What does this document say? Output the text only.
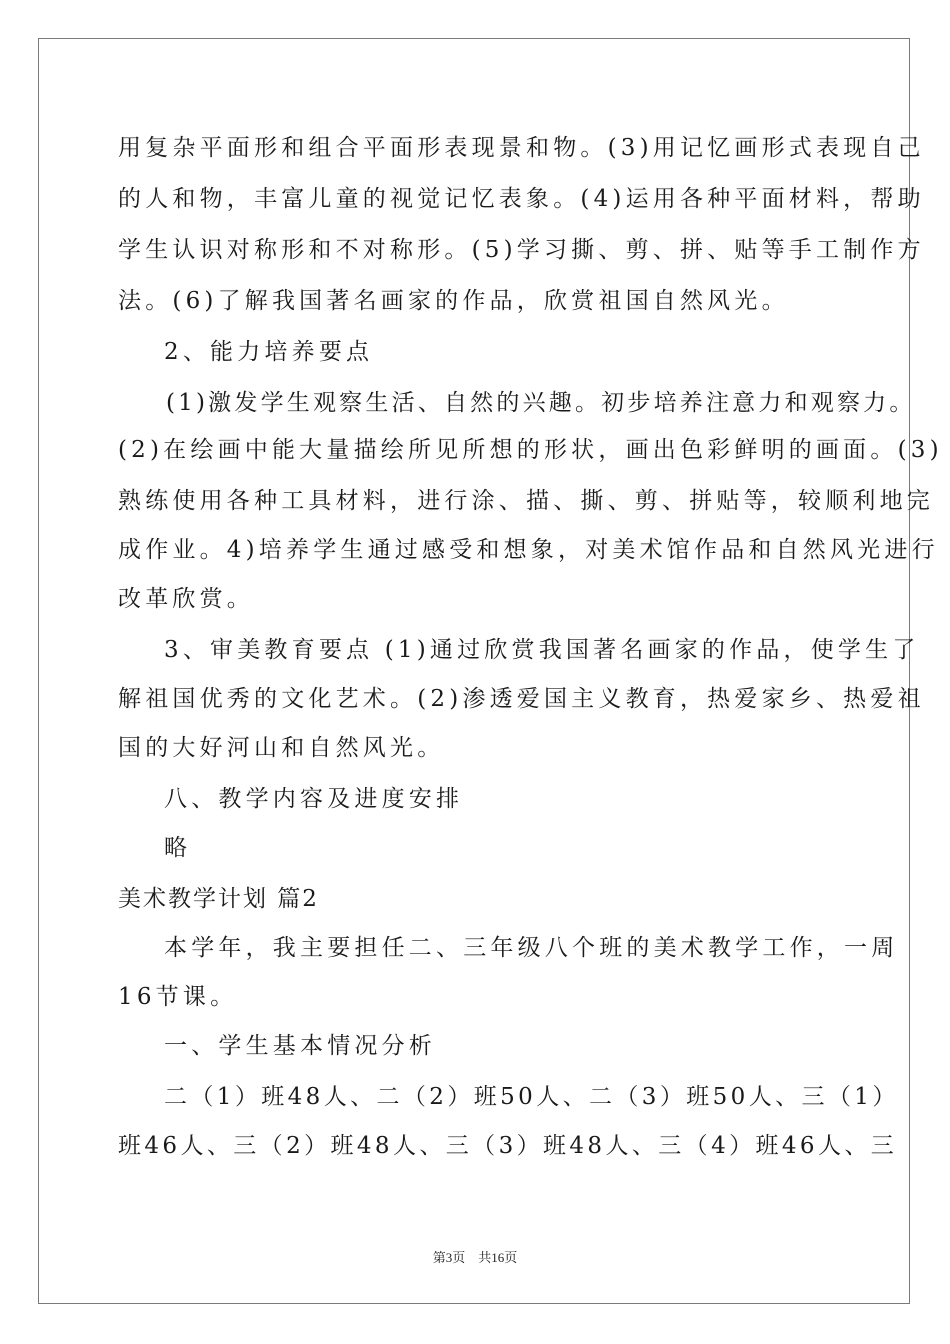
用复杂平面形和组合平面形表现景和物。(3)用记忆画形式表现自己
的人和物，丰富儿童的视觉记忆表象。(4)运用各种平面材料，帮助
学生认识对称形和不对称形。(5)学习撕、剪、拼、贴等手工制作方
法。(6)了解我国著名画家的作品，欣赏祖国自然风光。
2、能力培养要点
(1)激发学生观察生活、自然的兴趣。初步培养注意力和观察力。
(2)在绘画中能大量描绘所见所想的形状，画出色彩鲜明的画面。(3)
熟练使用各种工具材料，进行涂、描、撕、剪、拼贴等，较顺利地完
成作业。4)培养学生通过感受和想象，对美术馆作品和自然风光进行
改革欣赏。
3、审美教育要点 (1)通过欣赏我国著名画家的作品，使学生了
解祖国优秀的文化艺术。(2)渗透爱国主义教育，热爱家乡、热爱祖
国的大好河山和自然风光。
八、教学内容及进度安排
略
美术教学计划 篇2
本学年，我主要担任二、三年级八个班的美术教学工作，一周
16节课。
一、学生基本情况分析
二（1）班48人、二（2）班50人、二（3）班50人、三（1）
班46人、三（2）班48人、三（3）班48人、三（4）班46人、三
第3页　共16页
